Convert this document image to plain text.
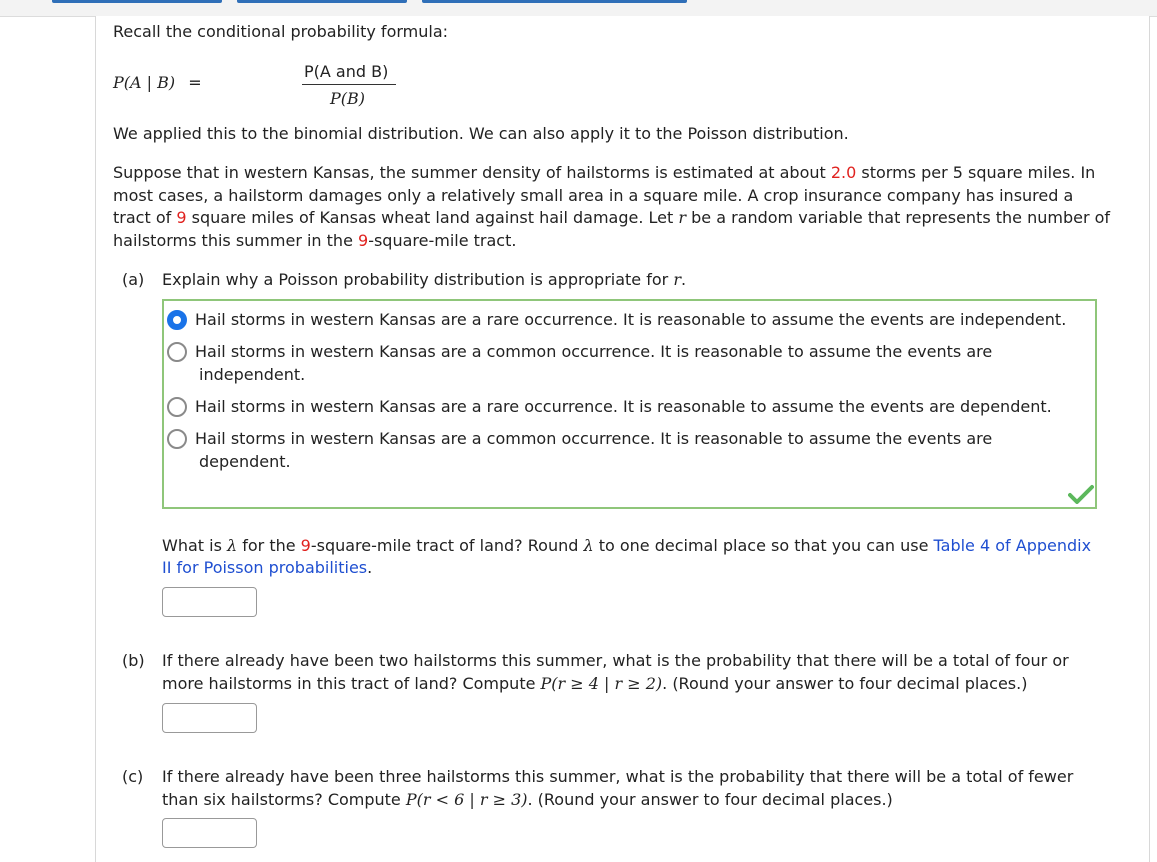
Recall the conditional probability formula:
P(A | B) =
P(A and B)
P(B)
We applied this to the binomial distribution. We can also apply it to the Poisson distribution.
Suppose that in western Kansas, the summer density of hailstorms is estimated at about 2.0 storms per 5 square miles. In
most cases, a hailstorm damages only a relatively small area in a square mile. A crop insurance company has insured a
tract of 9 square miles of Kansas wheat land against hail damage. Let r be a random variable that represents the number of
hailstorms this summer in the 9-square-mile tract.
(a) Explain why a Poisson probability distribution is appropriate for r.
Hail storms in western Kansas are a rare occurrence. It is reasonable to assume the events are independent.
Hail storms in western Kansas are a common occurrence. It is reasonable to assume the events are
independent.
Hail storms in western Kansas are a rare occurrence. It is reasonable to assume the events are dependent.
Hail storms in western Kansas are a common occurrence. It is reasonable to assume the events are
dependent.
What is λ for the 9-square-mile tract of land? Round λ to one decimal place so that you can use Table 4 of Appendix
II for Poisson probabilities.
(b) If there already have been two hailstorms this summer, what is the probability that there will be a total of four or
more hailstorms in this tract of land? Compute P(r ≥ 4 | r ≥ 2). (Round your answer to four decimal places.)
(c) If there already have been three hailstorms this summer, what is the probability that there will be a total of fewer
than six hailstorms? Compute P(r < 6 | r ≥ 3). (Round your answer to four decimal places.)
